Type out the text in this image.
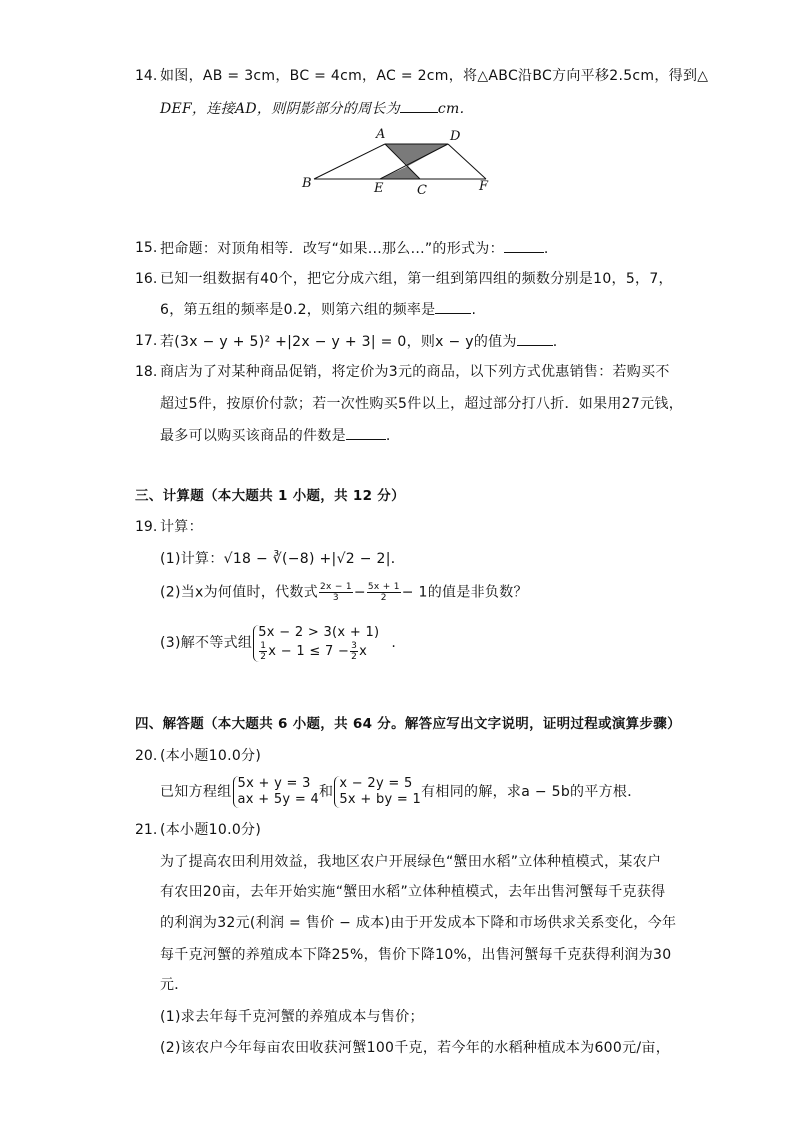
14. 如图，AB = 3cm，BC = 4cm，AC = 2cm，将△ABC沿BC方向平移2.5cm，得到△
DEF，连接AD，则阴影部分的周长为	cm.
A	D
B	E	C	F
15. 把命题：对顶角相等．改写“如果...那么...”的形式为：	.
16. 已知一组数据有40个，把它分成六组，第一组到第四组的频数分别是10，5，7，
6，第五组的频率是0.2，则第六组的频率是	.
17. 若(3x − y + 5)² +|2x − y + 3| = 0，则x − y的值为	.
18. 商店为了对某种商品促销，将定价为3元的商品，以下列方式优惠销售：若购买不
超过5件，按原价付款；若一次性购买5件以上，超过部分打八折．如果用27元钱，
最多可以购买该商品的件数是	.
三、计算题（本大题共 1 小题，共 12 分）
19. 计算：
(1)计算：√18 − ∛(−8) +|√2 − 2|．
(2)当x为何值时，代数式 $\frac{2x - 1}{3} - \frac{5x + 1}{2} - 1$的值是非负数？
(3)解不等式组
5x − 2 > 3(x + 1)
$\frac{1}{2}$ $x - 1 \le 7 - \frac{3}{2}$ x	.
四、解答题（本大题共 6 小题，共 64 分。解答应写出文字说明，证明过程或演算步骤）
20. (本小题10.0分)
已知方程组
5x + y = 3
ax + 5y = 4 和
x − 2y = 5
5x + by = 1 有相同的解，求a − 5b的平方根．
21. (本小题10.0分)
为了提高农田利用效益，我地区农户开展绿色“蟹田水稻”立体种植模式，某农户
有农田20亩，去年开始实施“蟹田水稻”立体种植模式，去年出售河蟹每千克获得
的利润为32元(利润 = 售价 − 成本)由于开发成本下降和市场供求关系变化，今年
每千克河蟹的养殖成本下降25%，售价下降10%，出售河蟹每千克获得利润为30
元．
(1)求去年每千克河蟹的养殖成本与售价；
(2)该农户今年每亩农田收获河蟹100千克，若今年的水稻种植成本为600元/亩，
